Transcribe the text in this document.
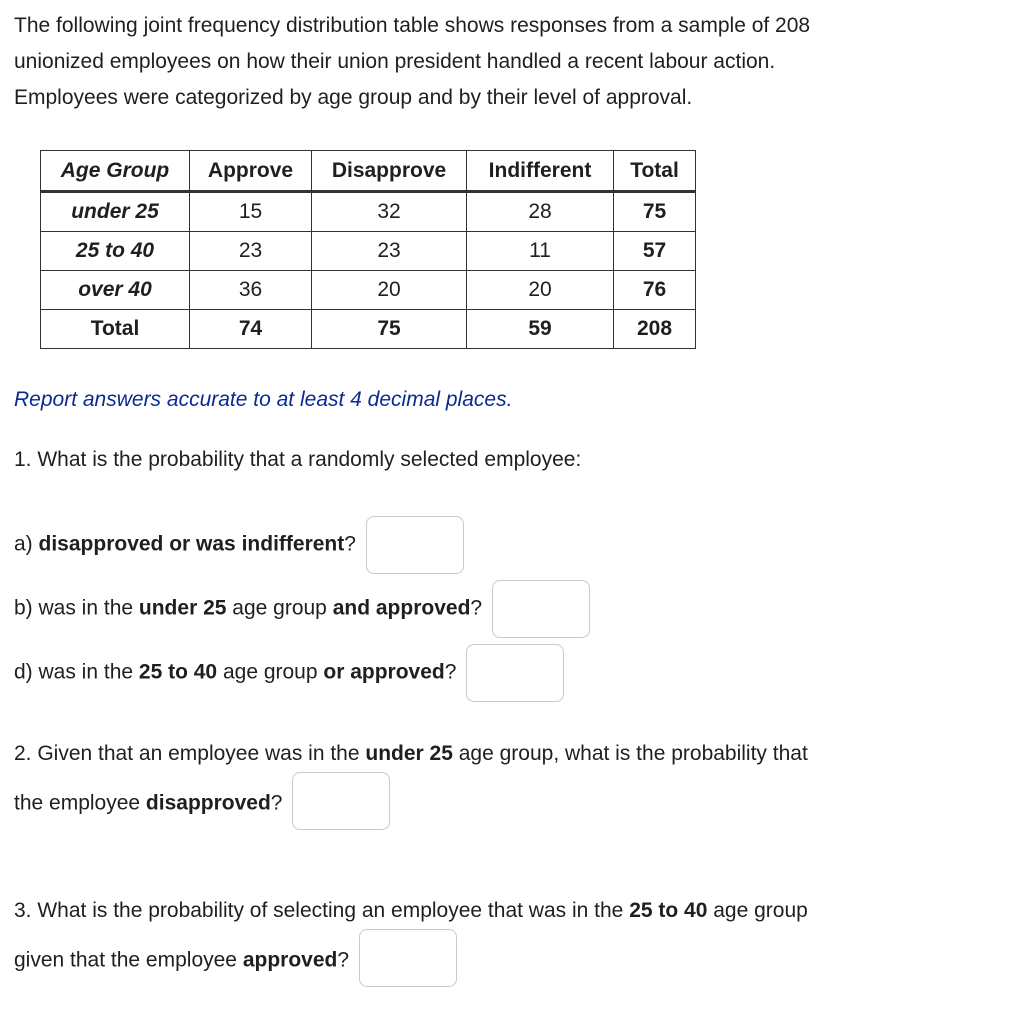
The following joint frequency distribution table shows responses from a sample of 208

unionized employees on how their union president handled a recent labour action.

Employees were categorized by age group and by their level of approval.

Age Group	Approve	Disapprove	Indifferent	Total
under 25	15	32	28	75
25 to 40	23	23	11	57
over 40	36	20	20	76
Total	74	75	59	208
Report answers accurate to at least 4 decimal places.
1. What is the probability that a randomly selected employee:
a) disapproved or was indifferent?
b) was in the under 25 age group and approved?
d) was in the 25 to 40 age group or approved?
2. Given that an employee was in the under 25 age group, what is the probability that
the employee disapproved?
3. What is the probability of selecting an employee that was in the 25 to 40 age group
given that the employee approved?
